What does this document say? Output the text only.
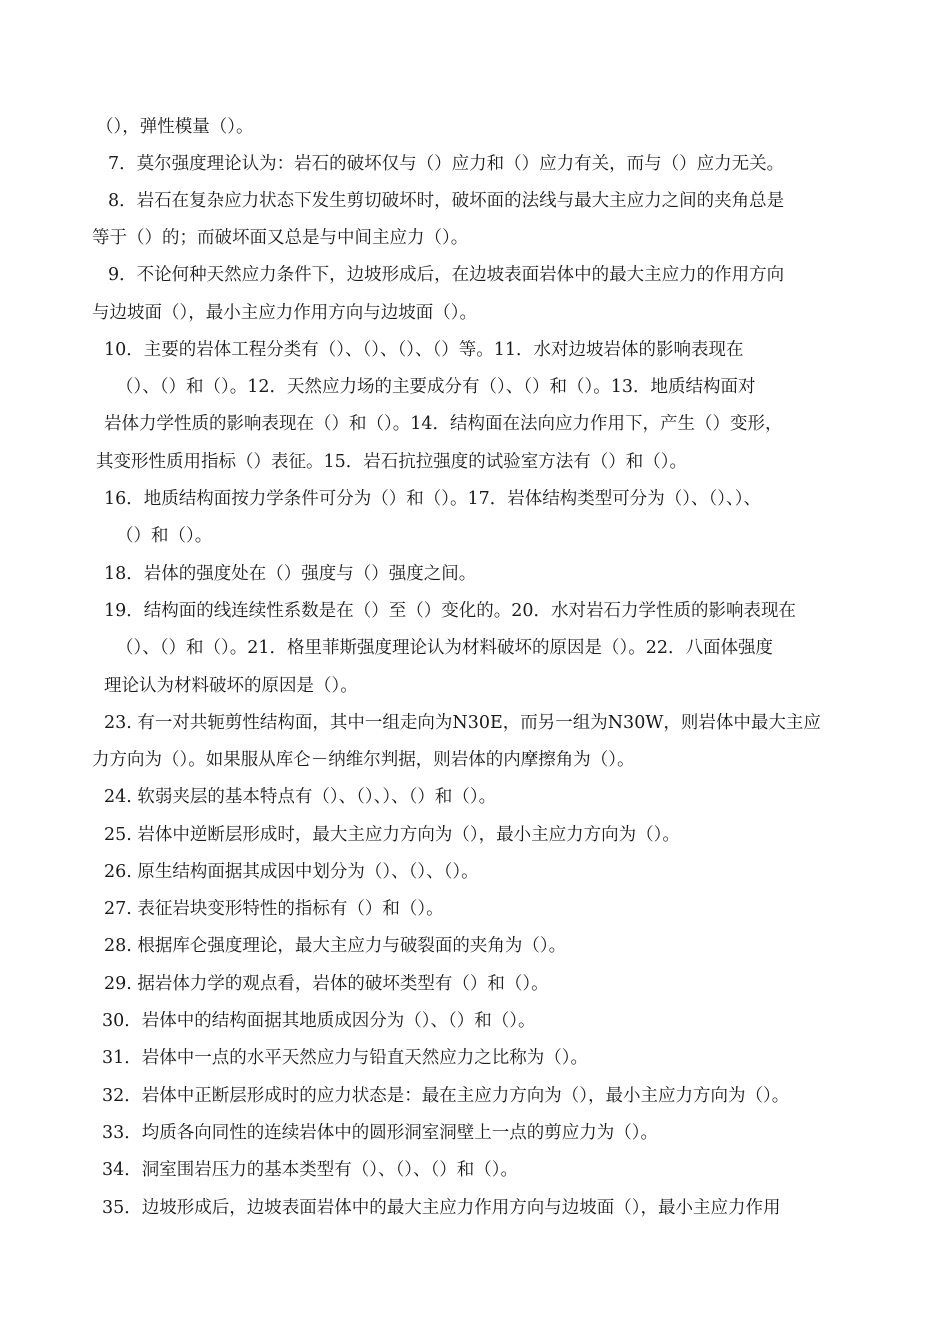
（），弹性模量（）。
7．莫尔强度理论认为：岩石的破坏仅与（）应力和（）应力有关，而与（）应力无关。
8．岩石在复杂应力状态下发生剪切破坏时，破坏面的法线与最大主应力之间的夹角总是
等于（）的；而破坏面又总是与中间主应力（）。
9．不论何种天然应力条件下，边坡形成后，在边坡表面岩体中的最大主应力的作用方向
与边坡面（），最小主应力作用方向与边坡面（）。
10．主要的岩体工程分类有（）、（）、（）、（）等。11．水对边坡岩体的影响表现在
（）、（）和（）。12．天然应力场的主要成分有（）、（）和（）。13．地质结构面对
岩体力学性质的影响表现在（）和（）。14．结构面在法向应力作用下，产生（）变形，
其变形性质用指标（）表征。15．岩石抗拉强度的试验室方法有（）和（）。
16．地质结构面按力学条件可分为（）和（）。17．岩体结构类型可分为（）、（）、）、
（）和（）。
18．岩体的强度处在（）强度与（）强度之间。
19．结构面的线连续性系数是在（）至（）变化的。20．水对岩石力学性质的影响表现在
（）、（）和（）。21．格里菲斯强度理论认为材料破坏的原因是（）。22．八面体强度
理论认为材料破坏的原因是（）。
23. 有一对共轭剪性结构面，其中一组走向为N30E，而另一组为N30W，则岩体中最大主应
力方向为（）。如果服从库仑－纳维尔判据，则岩体的内摩擦角为（）。
24. 软弱夹层的基本特点有（）、（）、）、（）和（）。
25. 岩体中逆断层形成时，最大主应力方向为（），最小主应力方向为（）。
26. 原生结构面据其成因中划分为（）、（）、（）。
27. 表征岩块变形特性的指标有（）和（）。
28. 根据库仑强度理论，最大主应力与破裂面的夹角为（）。
29. 据岩体力学的观点看，岩体的破坏类型有（）和（）。
30．岩体中的结构面据其地质成因分为（）、（）和（）。
31．岩体中一点的水平天然应力与铅直天然应力之比称为（）。
32．岩体中正断层形成时的应力状态是：最在主应力方向为（），最小主应力方向为（）。
33．均质各向同性的连续岩体中的圆形洞室洞壁上一点的剪应力为（）。
34．洞室围岩压力的基本类型有（）、（）、（）和（）。
35．边坡形成后，边坡表面岩体中的最大主应力作用方向与边坡面（），最小主应力作用
